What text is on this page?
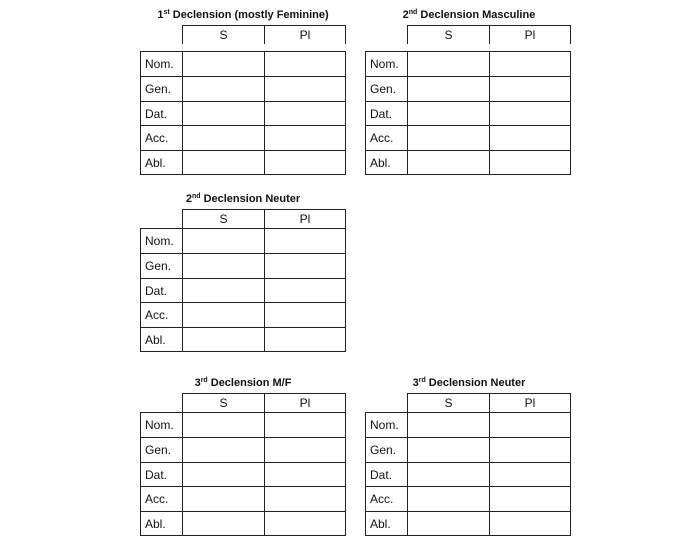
1st Declension (mostly Feminine)
S	Pl
Nom.
Gen.
Dat.
Acc.
Abl.
2nd Declension Masculine
S	Pl
Nom.
Gen.
Dat.
Acc.
Abl.
2nd Declension Neuter
S	Pl
Nom.
Gen.
Dat.
Acc.
Abl.
3rd Declension M/F
S	Pl
Nom.
Gen.
Dat.
Acc.
Abl.
3rd Declension Neuter
S	Pl
Nom.
Gen.
Dat.
Acc.
Abl.
